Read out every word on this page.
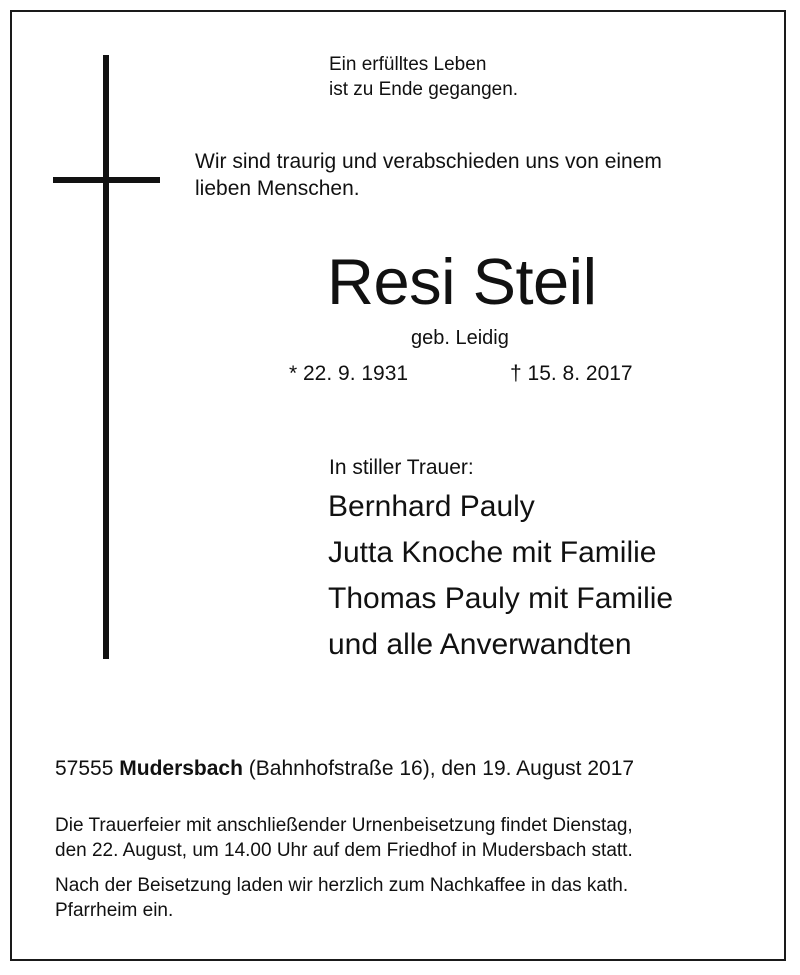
Ein erfülltes Leben
ist zu Ende gegangen.
Wir sind traurig und verabschieden uns von einem
lieben Menschen.
Resi Steil
geb. Leidig
* 22. 9. 1931	† 15. 8. 2017
In stiller Trauer:
Bernhard Pauly
Jutta Knoche mit Familie
Thomas Pauly mit Familie
und alle Anverwandten
57555 Mudersbach (Bahnhofstraße 16), den 19. August 2017
Die Trauerfeier mit anschließender Urnenbeisetzung findet Dienstag,
den 22. August, um 14.00 Uhr auf dem Friedhof in Mudersbach statt.
Nach der Beisetzung laden wir herzlich zum Nachkaffee in das kath.
Pfarrheim ein.
